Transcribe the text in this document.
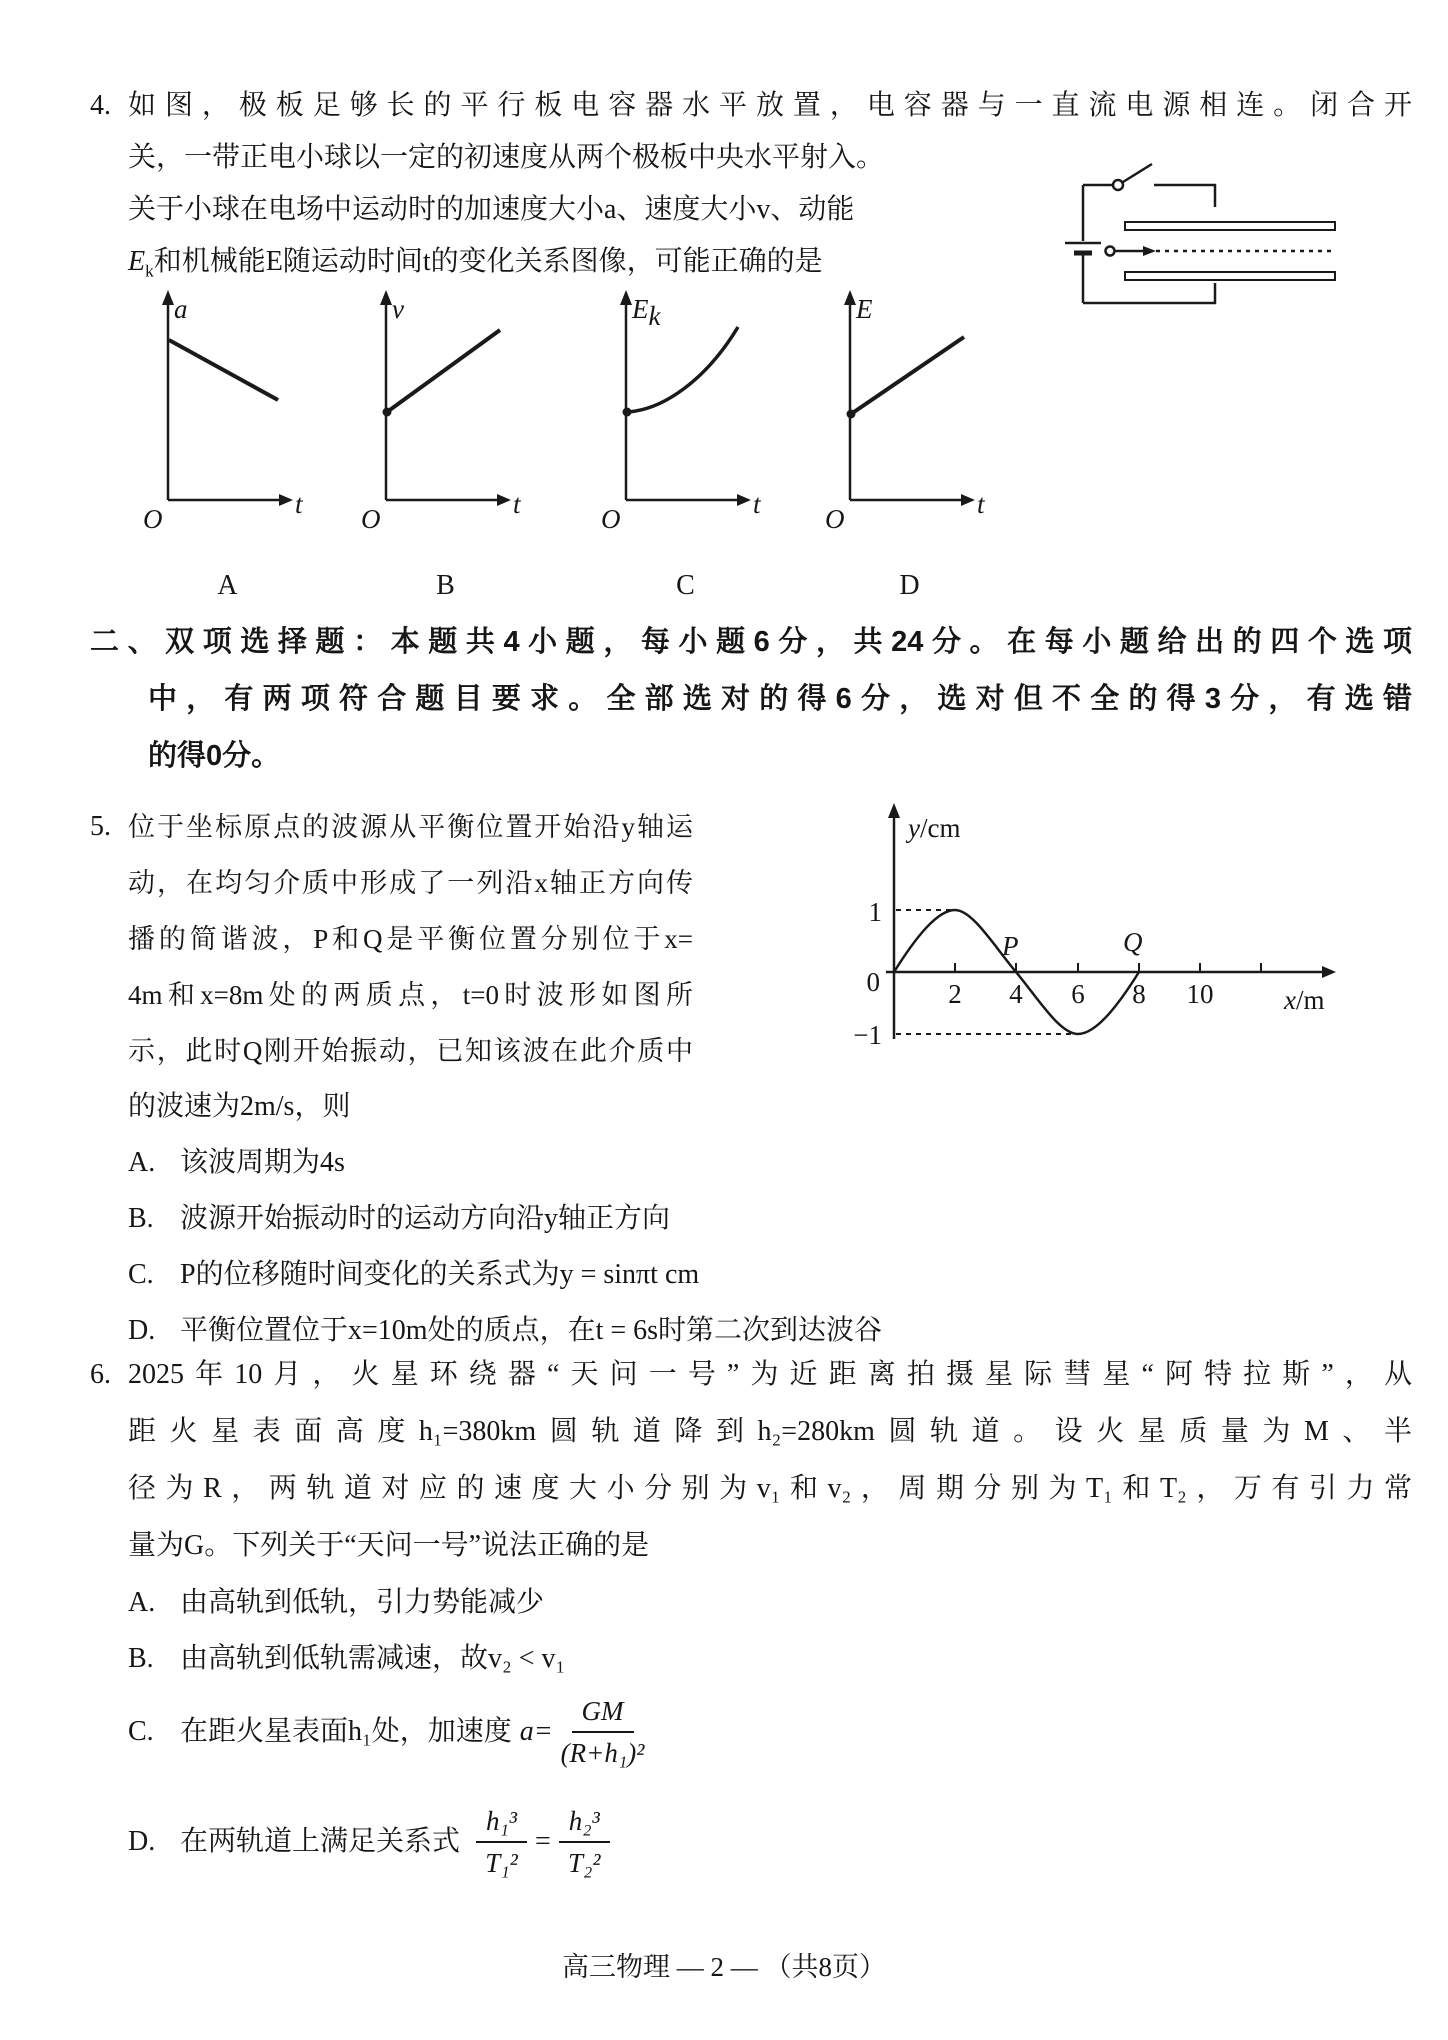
4. 如图，极板足够长的平行板电容器水平放置，电容器与一直流电源相连。闭合开
关，一带正电小球以一定的初速度从两个极板中央水平射入。
关于小球在电场中运动时的加速度大小a、速度大小v、动能
$E_k$和机械能E随运动时间t的变化关系图像，可能正确的是
a
t
O
A
v
t
O
B
Ek
t
O
C
E
t
O
D
二、双项选择题：本题共4小题，每小题6分，共24分。在每小题给出的四个选项
中，有两项符合题目要求。全部选对的得6分，选对但不全的得3分，有选错
的得0分。
5. 位于坐标原点的波源从平衡位置开始沿y轴运
动，在均匀介质中形成了一列沿x轴正方向传
播的简谐波，P和Q是平衡位置分别位于x=
4m和x=8m处的两质点，t=0时波形如图所
示，此时Q刚开始振动，已知该波在此介质中
的波速为2m/s，则
y/cm
x/m
1
0
−1
2 4 6 8 10
P	Q
A. 该波周期为4s
B. 波源开始振动时的运动方向沿y轴正方向
C. P的位移随时间变化的关系式为y = sinπt cm
D. 平衡位置位于x=10m处的质点，在t = 6s时第二次到达波谷
6. 2025年10月，火星环绕器“天问一号”为近距离拍摄星际彗星“阿特拉斯”，从
距火星表面高度h₁=380km圆轨道降到h₂=280km圆轨道。设火星质量为M、半
径为R，两轨道对应的速度大小分别为v₁和v₂，周期分别为T₁和T₂，万有引力常
量为G。下列关于“天问一号”说法正确的是
A. 由高轨到低轨，引力势能减少
B. 由高轨到低轨需减速，故v₂ < v₁
C. 在距火星表面h₁处，加速度 $a= \frac{GM}{\text{(R+h₁)²}}$
D. 在两轨道上满足关系式 $\frac{\text{h₁³}}{\text{T₁²}} = \frac{\text{h₂³}}{\text{T₂²}}$
高三物理 — 2 — （共8页）
